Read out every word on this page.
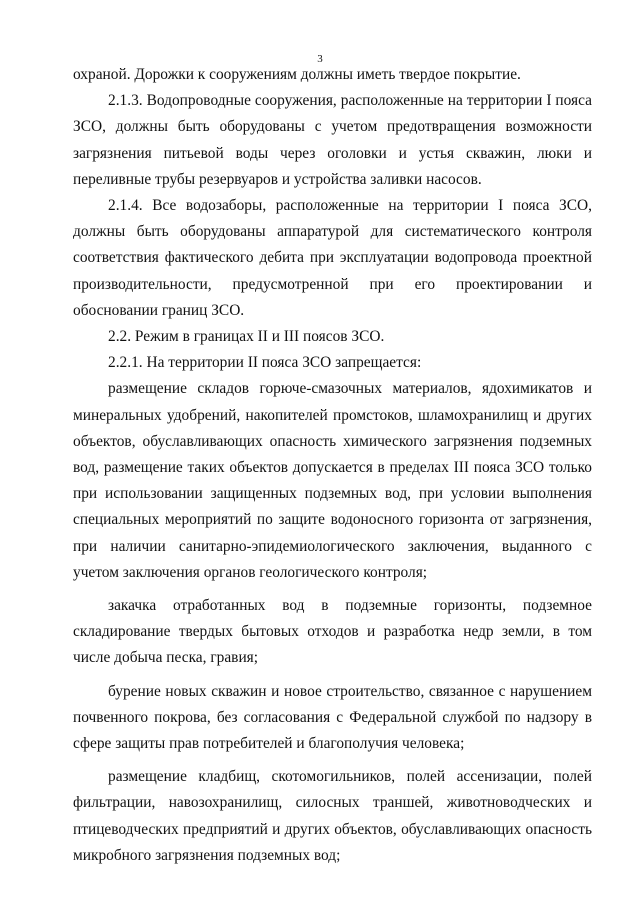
3

охраной. Дорожки к сооружениям должны иметь твердое покрытие.

2.1.3. Водопроводные сооружения, расположенные на территории I пояса ЗСО, должны быть оборудованы с учетом предотвращения возможности загрязнения питьевой воды через оголовки и устья скважин, люки и переливные трубы резервуаров и устройства заливки насосов.

2.1.4. Все водозаборы, расположенные на территории I пояса ЗСО, должны быть оборудованы аппаратурой для систематического контроля соответствия фактического дебита при эксплуатации водопровода проектной производительности, предусмотренной при его проектировании и обосновании границ ЗСО.

2.2. Режим в границах II и III поясов ЗСО.

2.2.1. На территории II пояса ЗСО запрещается:

размещение складов горюче-смазочных материалов, ядохимикатов и минеральных удобрений, накопителей промстоков, шламохранилищ и других объектов, обуславливающих опасность химического загрязнения подземных вод, размещение таких объектов допускается в пределах III пояса ЗСО только при использовании защищенных подземных вод, при условии выполнения специальных мероприятий по защите водоносного горизонта от загрязнения, при наличии санитарно-эпидемиологического заключения, выданного с учетом заключения органов геологического контроля;

закачка отработанных вод в подземные горизонты, подземное складирование твердых бытовых отходов и разработка недр земли, в том числе добыча песка, гравия;

бурение новых скважин и новое строительство, связанное с нарушением почвенного покрова, без согласования с Федеральной службой по надзору в сфере защиты прав потребителей и благополучия человека;

размещение кладбищ, скотомогильников, полей ассенизации, полей фильтрации, навозохранилищ, силосных траншей, животноводческих и птицеводческих предприятий и других объектов, обуславливающих опасность микробного загрязнения подземных вод;
